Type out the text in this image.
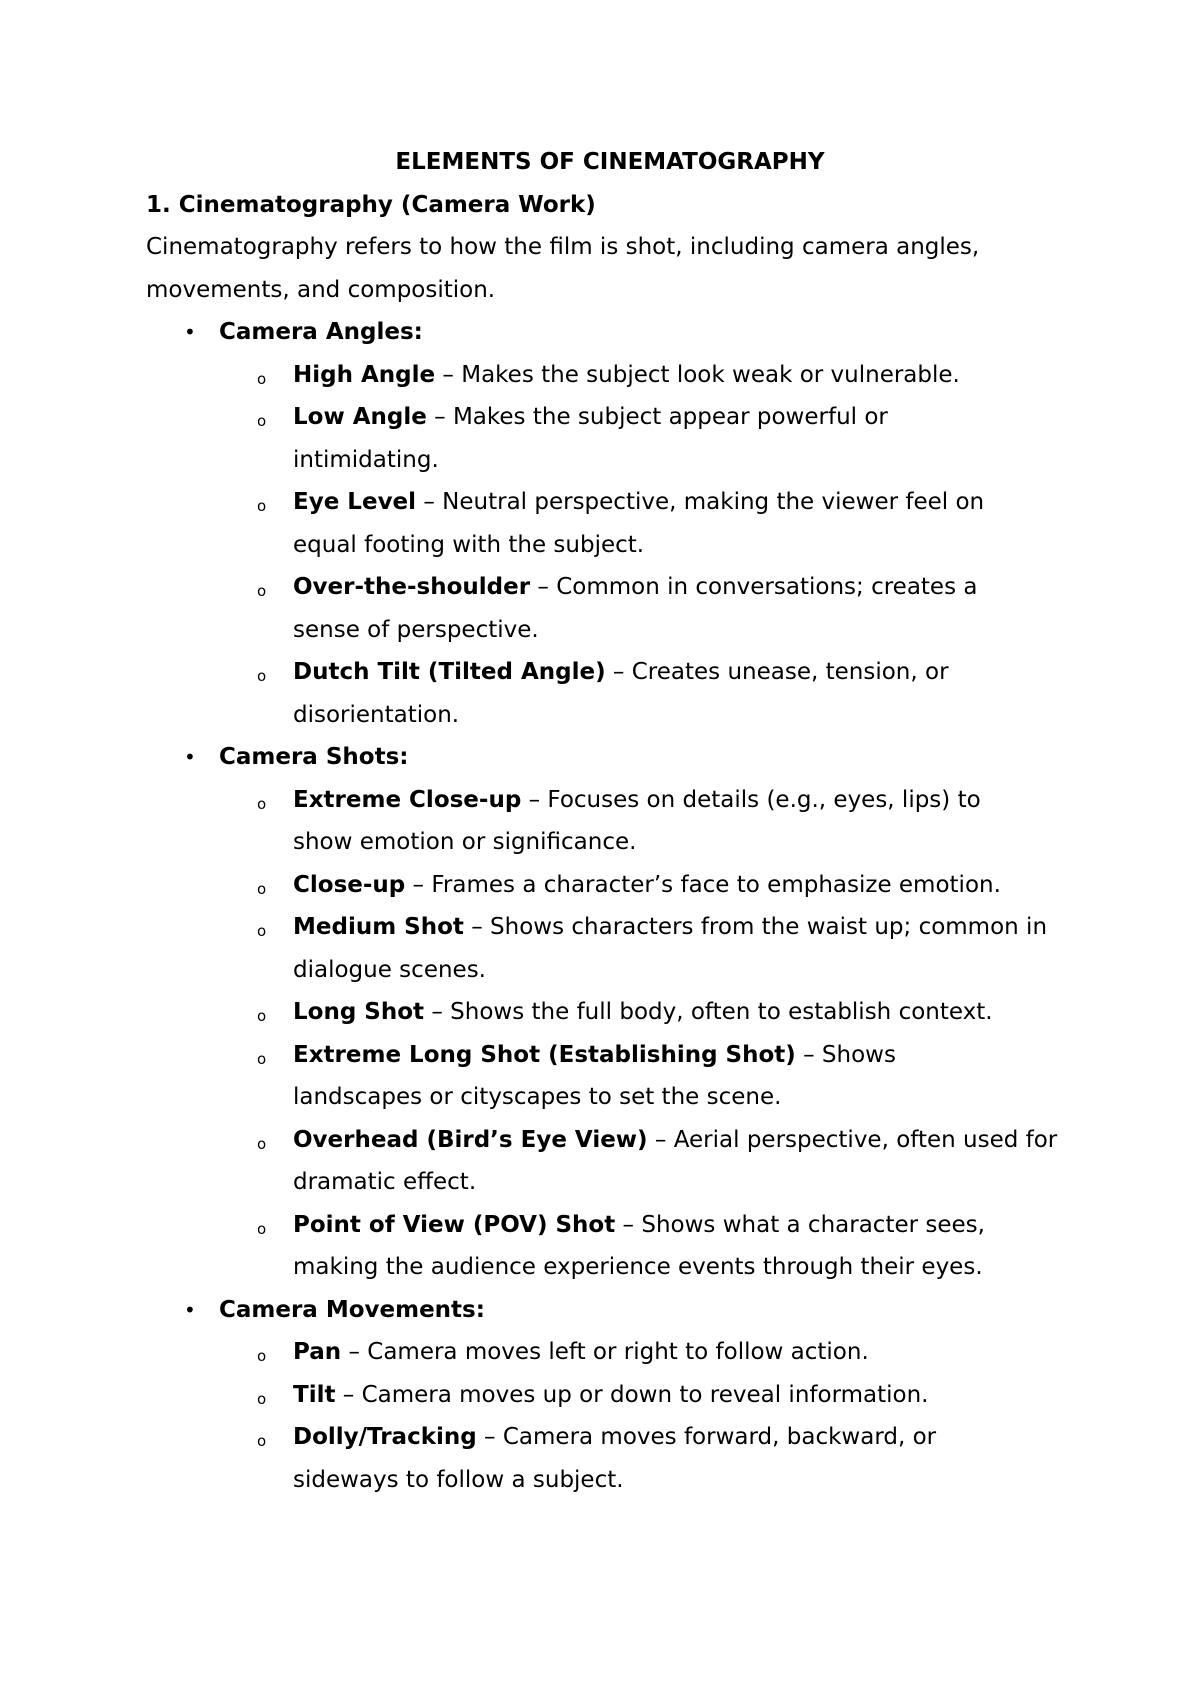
ELEMENTS OF CINEMATOGRAPHY

1. Cinematography (Camera Work)

Cinematography refers to how the film is shot, including camera angles, movements, and composition.

• Camera Angles:
o High Angle – Makes the subject look weak or vulnerable.
o Low Angle – Makes the subject appear powerful or intimidating.
o Eye Level – Neutral perspective, making the viewer feel on equal footing with the subject.
o Over-the-shoulder – Common in conversations; creates a sense of perspective.
o Dutch Tilt (Tilted Angle) – Creates unease, tension, or disorientation.
• Camera Shots:
o Extreme Close-up – Focuses on details (e.g., eyes, lips) to show emotion or significance.
o Close-up – Frames a character’s face to emphasize emotion.
o Medium Shot – Shows characters from the waist up; common in dialogue scenes.
o Long Shot – Shows the full body, often to establish context.
o Extreme Long Shot (Establishing Shot) – Shows landscapes or cityscapes to set the scene.
o Overhead (Bird’s Eye View) – Aerial perspective, often used for dramatic effect.
o Point of View (POV) Shot – Shows what a character sees, making the audience experience events through their eyes.
• Camera Movements:
o Pan – Camera moves left or right to follow action.
o Tilt – Camera moves up or down to reveal information.
o Dolly/Tracking – Camera moves forward, backward, or sideways to follow a subject.
